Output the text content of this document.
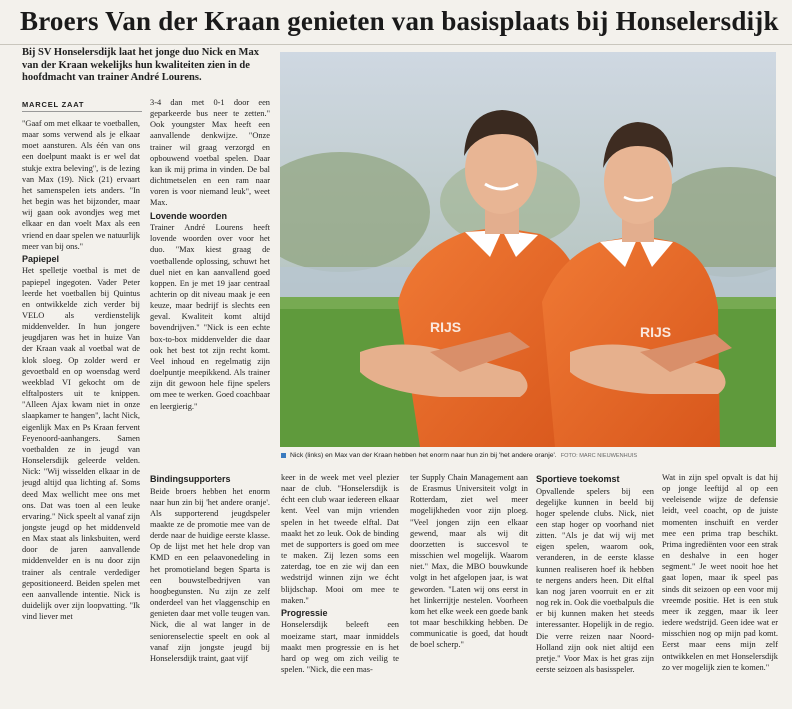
Broers Van der Kraan genieten van basisplaats bij Honselersdijk
Bij SV Honselersdijk laat het jonge duo Nick en Max van der Kraan wekelijks hun kwaliteiten zien in de hoofdmacht van trainer André Lourens.
MARCEL ZAAT

"Gaaf om met elkaar te voetballen, maar soms verwend als je elkaar moet aansturen. Als één van ons een doelpunt maakt is er wel dat stukje extra beleving", is de lezing van Max (19). Nick (21) ervaart het samenspelen iets anders. "In het begin was het bijzonder, maar wij gaan ook avondjes weg met elkaar en dan voelt Max als een vriend en daar spelen we natuurlijk meer van bij ons."

Papiepel

Het spelletje voetbal is met de papiepel ingegoten. Vader Peter leerde het voetballen bij Quintus en ontwikkelde zich verder bij VELO als verdienstelijk middenvelder. In hun jongere jeugdjaren was het in huize Van der Kraan vaak al voetbal wat de klok sloeg. Op zolder werd er gevoetbald en op woensdag werd weekblad VI gekocht om de elftalposters uit te knippen. "Alleen Ajax kwam niet in onze slaapkamer te hangen", lacht Nick, eigenlijk Max en Ps Kraan fervent Feyenoord-aanhangers. Samen voetbalden ze in jeugd van Honselersdijk geleerde velden. Nick: "Wij wisselden elkaar in de jeugd altijd qua lichting af. Soms deed Max wellicht mee ons met ons. Dat was toen al een leuke ervaring." Nick speelt al vanaf zijn jongste jeugd op het middenveld en Max staat als linksbuiten, werd door de jaren aanvallende middenvelder en is nu door zijn trainer als centrale verdediger gepositioneerd. Beiden spelen met een aanvallende intentie. Nick is duidelijk over zijn loopvatting. "Ik vind liever met

3-4 dan met 0-1 door een geparkeerde bus neer te zetten." Ook youngster Max heeft een aanvallende denkwijze. "Onze trainer wil graag verzorgd en opbouwend voetbal spelen. Daar kan ik mij prima in vinden. De bal dichtmetselen en een ram naar voren is voor niemand leuk", weet Max.

Lovende woorden

Trainer André Lourens heeft lovende woorden over voor het duo. "Max kiest graag de voetballende oplossing, schuwt het duel niet en kan aanvallend goed koppen. En je met 19 jaar centraal achterin op dit niveau maak je een keuze, maar bedrijf is slechts een geval. Kwaliteit komt altijd bovendrijven." "Nick is een echte box-to-box middenvelder die daar ook het best tot zijn recht komt. Veel inhoud en regelmatig zijn doelpuntje meepikkend. Als trainer zijn dit gewoon hele fijne spelers om mee te werken. Goed coachbaar en leergierig."

RIJS	RIJS
Nick (links) en Max van der Kraan hebben het enorm naar hun zin bij 'het andere oranje'. FOTO: MARC NIEUWENHUIS
Bindingsupporters

Beide broers hebben het enorm naar hun zin bij 'het andere oranje'. Als supporterend jeugdspeler maakte ze de promotie mee van de derde naar de huidige eerste klasse. Op de lijst met het hele drop van KMD en een pelaavonedeling in het promotieland begen Sparta is een bouwstelbedrijven van hoogbegunsten. Nu zijn ze zelf onderdeel van het vlaggenschip en genieten daar met volle teugen van. Nick, die al wat langer in de seniorenselectie speelt en ook al vanaf zijn jongste jeugd bij Honselersdijk traint, gaat vijf

keer in de week met veel plezier naar de club. "Honselersdijk is écht een club waar iedereen elkaar kent. Veel van mijn vrienden spelen in het tweede elftal. Dat maakt het zo leuk. Ook de binding met de supporters is goed om mee te maken. Zij lezen soms een zaterdag, toe en zie wij dan een wedstrijd winnen zijn we écht blijdschap. Mooi om mee te maken."

Progressie

Honselersdijk beleeft een moeizame start, maar inmiddels maakt men progressie en is het hard op weg om zich veilig te spelen. "Nick, die een mas-

ter Supply Chain Management aan de Erasmus Universiteit volgt in Rotterdam, ziet wel meer mogelijkheden voor zijn ploeg. "Veel jongen zijn een elkaar gewend, maar als wij dit doorzetten is succesvol te misschien wel mogelijk. Waarom niet." Max, die MBO bouwkunde volgt in het afgelopen jaar, is wat geworden. "Laten wij ons eerst in het linkerrijtje nestelen. Voorheen kom het elke week een goede bank tot maar beschikking hebben. De communicatie is goed, dat houdt de boel scherp."

Sportieve toekomst

Opvallende spelers bij een degelijke kunnen in beeld bij hoger spelende clubs. Nick, niet een stap hoger op voorhand niet zitten. "Als je dat wij wij met eigen spelen, waarom ook, veranderen, in de eerste klasse kunnen realiseren hoef ik hebben te nergens anders heen. Dit elftal kan nog jaren voorruit en er zit nog rek in. Ook die voetbalpuls die er bij kunnen maken het steeds interessanter. Hopelijk in de regio. Die verre reizen naar Noord-Holland zijn ook niet altijd een pretje." Voor Max is het gras zijn eerste seizoen als basisspeler.

Wat in zijn spel opvalt is dat hij op jonge leeftijd al op een veeleisende wijze de defensie leidt, veel coacht, op de juiste momenten inschuift en verder mee een prima trap beschikt. Prima ingrediënten voor een strak en deshalve in een hoger segment." Je weet nooit hoe het gaat lopen, maar ik speel pas sinds dit seizoen op een voor mij vreemde positie. Het is een stuk meer ik zeggen, maar ik leer iedere wedstrijd. Geen idee wat er misschien nog op mijn pad komt. Eerst maar eens mijn zelf ontwikkelen en met Honselersdijk zo ver mogelijk zien te komen."
